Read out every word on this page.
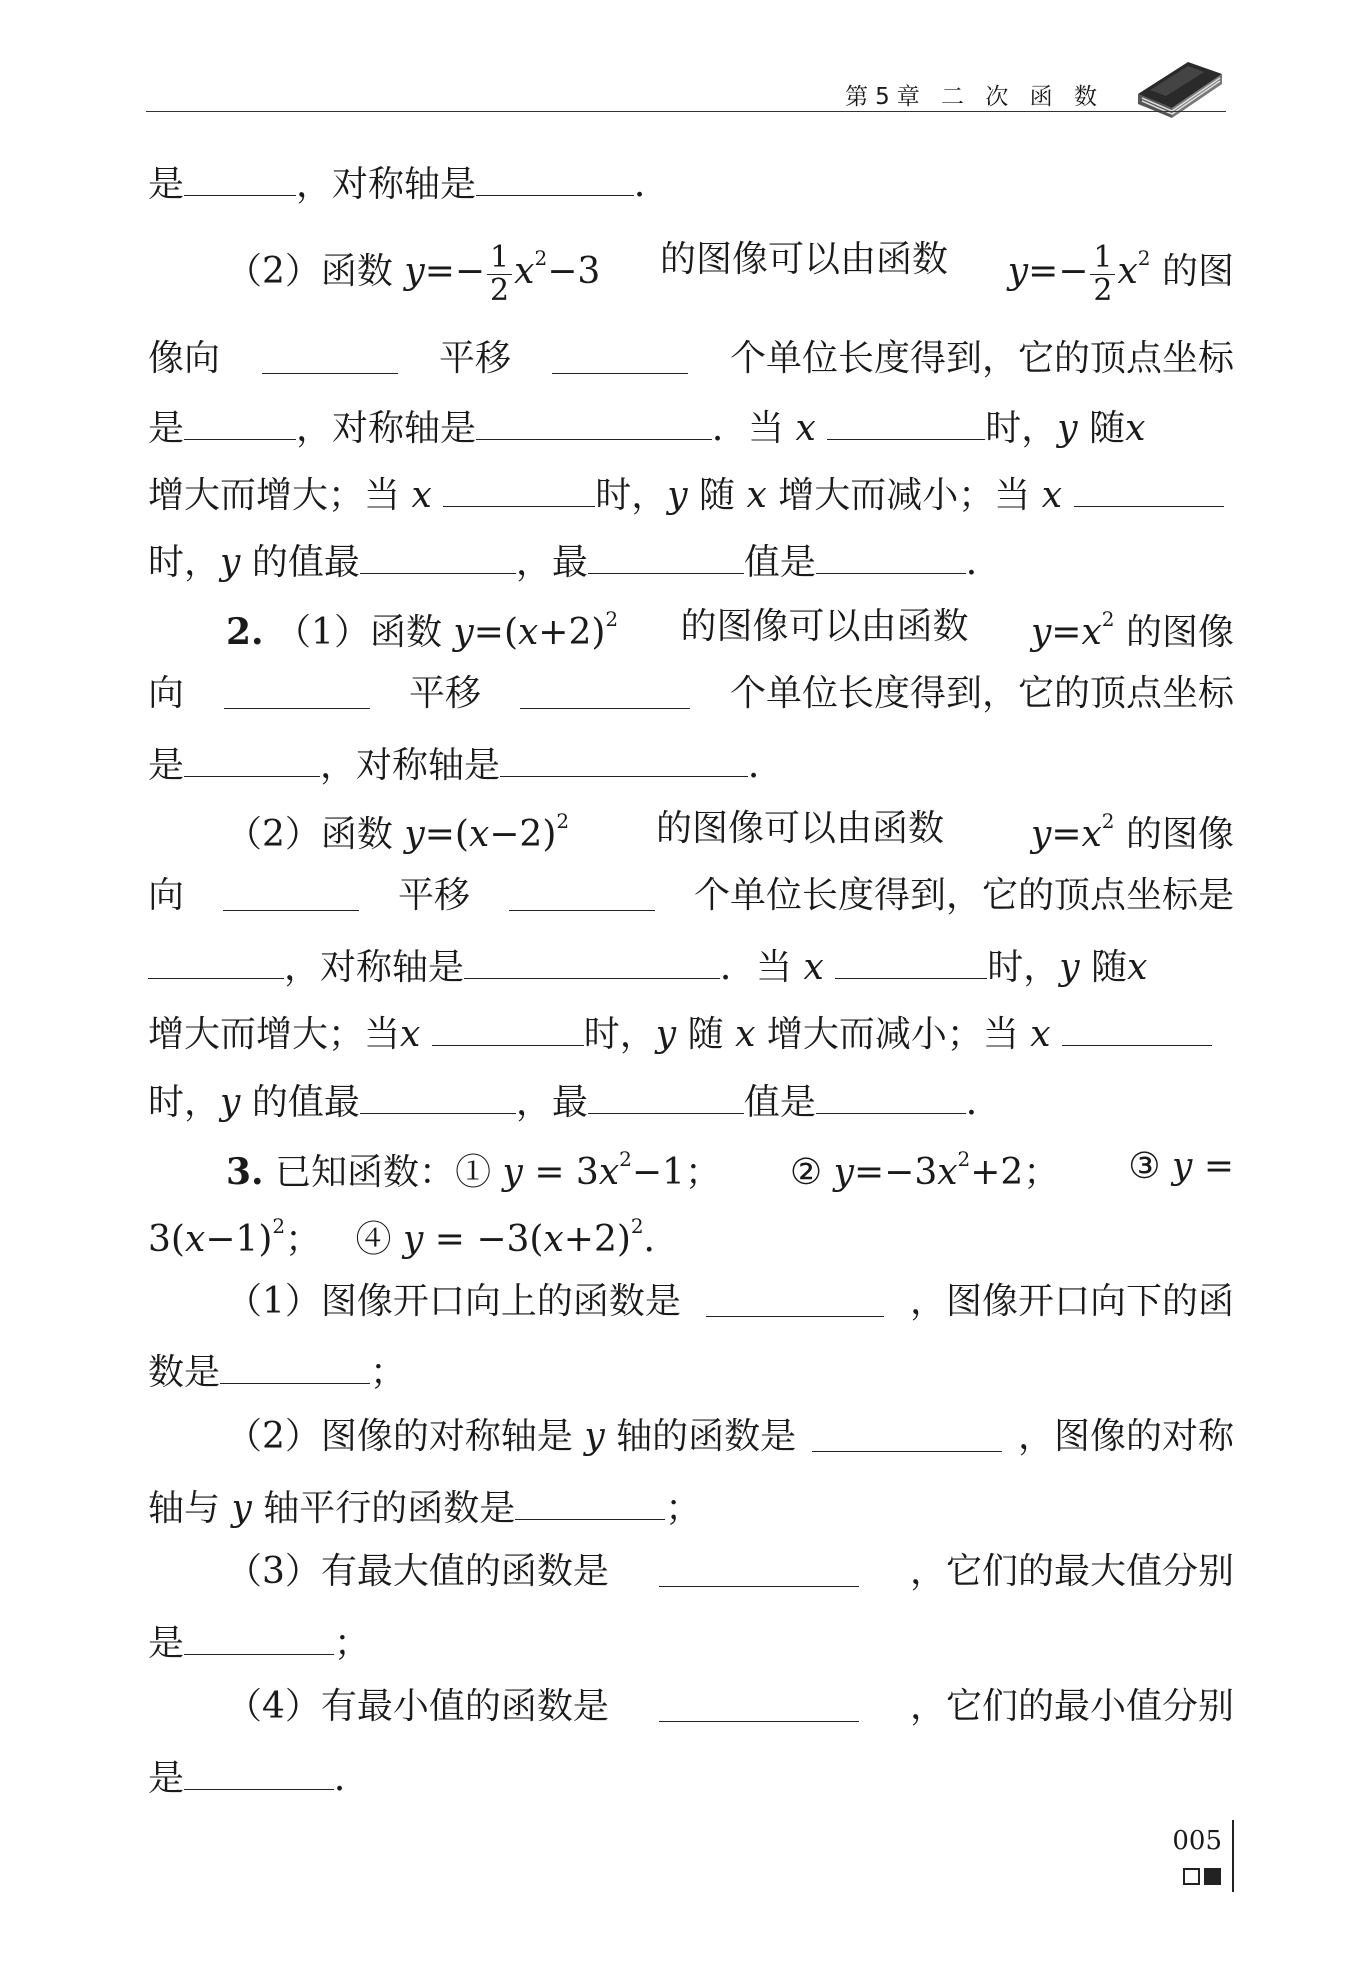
第5章 二 次 函 数
是	，对称轴是	．
（2）函数 $y=- \frac{1}{2} x^2-3$ 的图像可以由函数 $y=- \frac{1}{2} x^2$ 的图
像向	平移	个单位长度得到，它的顶点坐标
是	，对称轴是	．当 x	时，y 随x
增大而增大；当 x	时，y 随 x 增大而减小；当 x
时，y 的值最	，最	值是	．
2. （1）函数 $y=(x+2)^2$ 的图像可以由函数 $y=x^2$ 的图像
向	平移	个单位长度得到，它的顶点坐标
是	，对称轴是	．
（2）函数 $y=(x-2)^2$ 的图像可以由函数 $y=x^2$ 的图像
向	平移	个单位长度得到，它的顶点坐标是
，对称轴是	．当 x	时，y 随x
增大而增大；当x	时，y 随 x 增大而减小；当 x
时，y 的值最	，最	值是	．
3. 已知函数：① $y = 3x^2-1$； ② $y=-3x^2+2$； ③ y =
$3(x-1)^2$； ④ $y = -3(x+2)^2$．
（1）图像开口向上的函数是	，图像开口向下的函
数是	；
（2）图像的对称轴是 y 轴的函数是	，图像的对称
轴与 y 轴平行的函数是	；
（3）有最大值的函数是	，它们的最大值分别
是	；
（4）有最小值的函数是	，它们的最小值分别
是	．
005
